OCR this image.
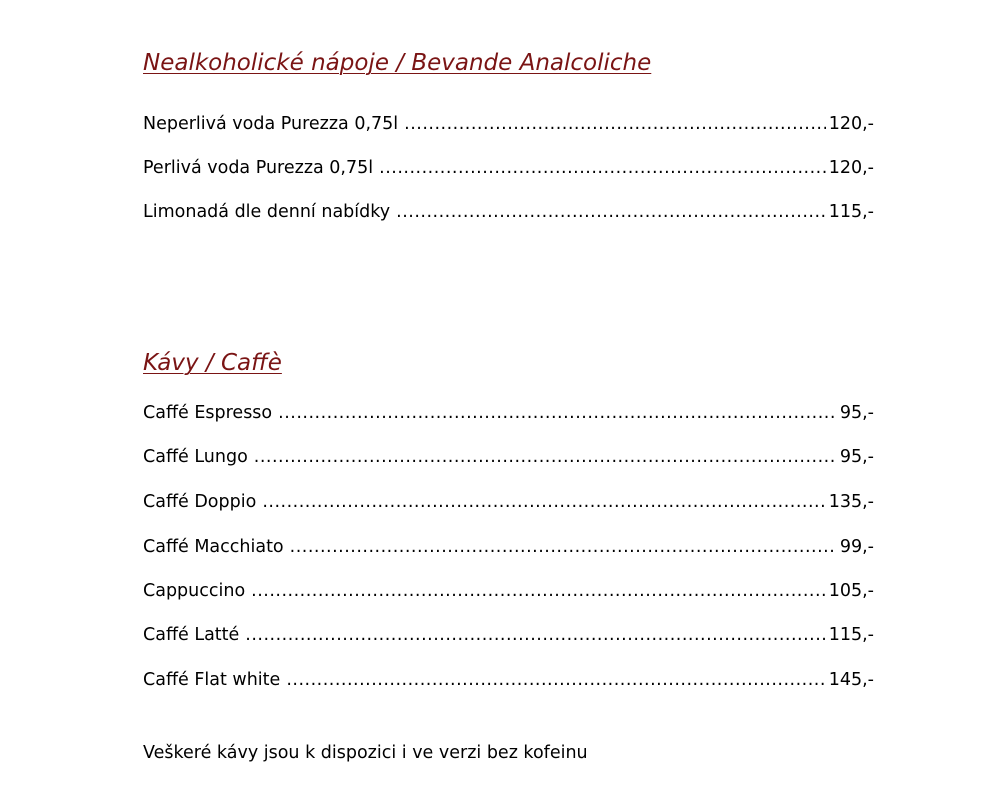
Nealkoholické nápoje / Bevande Analcoliche
Neperlivá voda Purezza 0,75l .....	120,-
Perlivá voda Purezza 0,75l .....	120,-
Limonadá dle denní nabídky .....	115,-
Kávy / Caffè
Caffé Espresso .....	95,-
Caffé Lungo .....	95,-
Caffé Doppio .....	135,-
Caffé Macchiato .....	99,-
Cappuccino .....	105,-
Caffé Latté .....	115,-
Caffé Flat white .....	145,-
Veškeré kávy jsou k dispozici i ve verzi bez kofeinu
